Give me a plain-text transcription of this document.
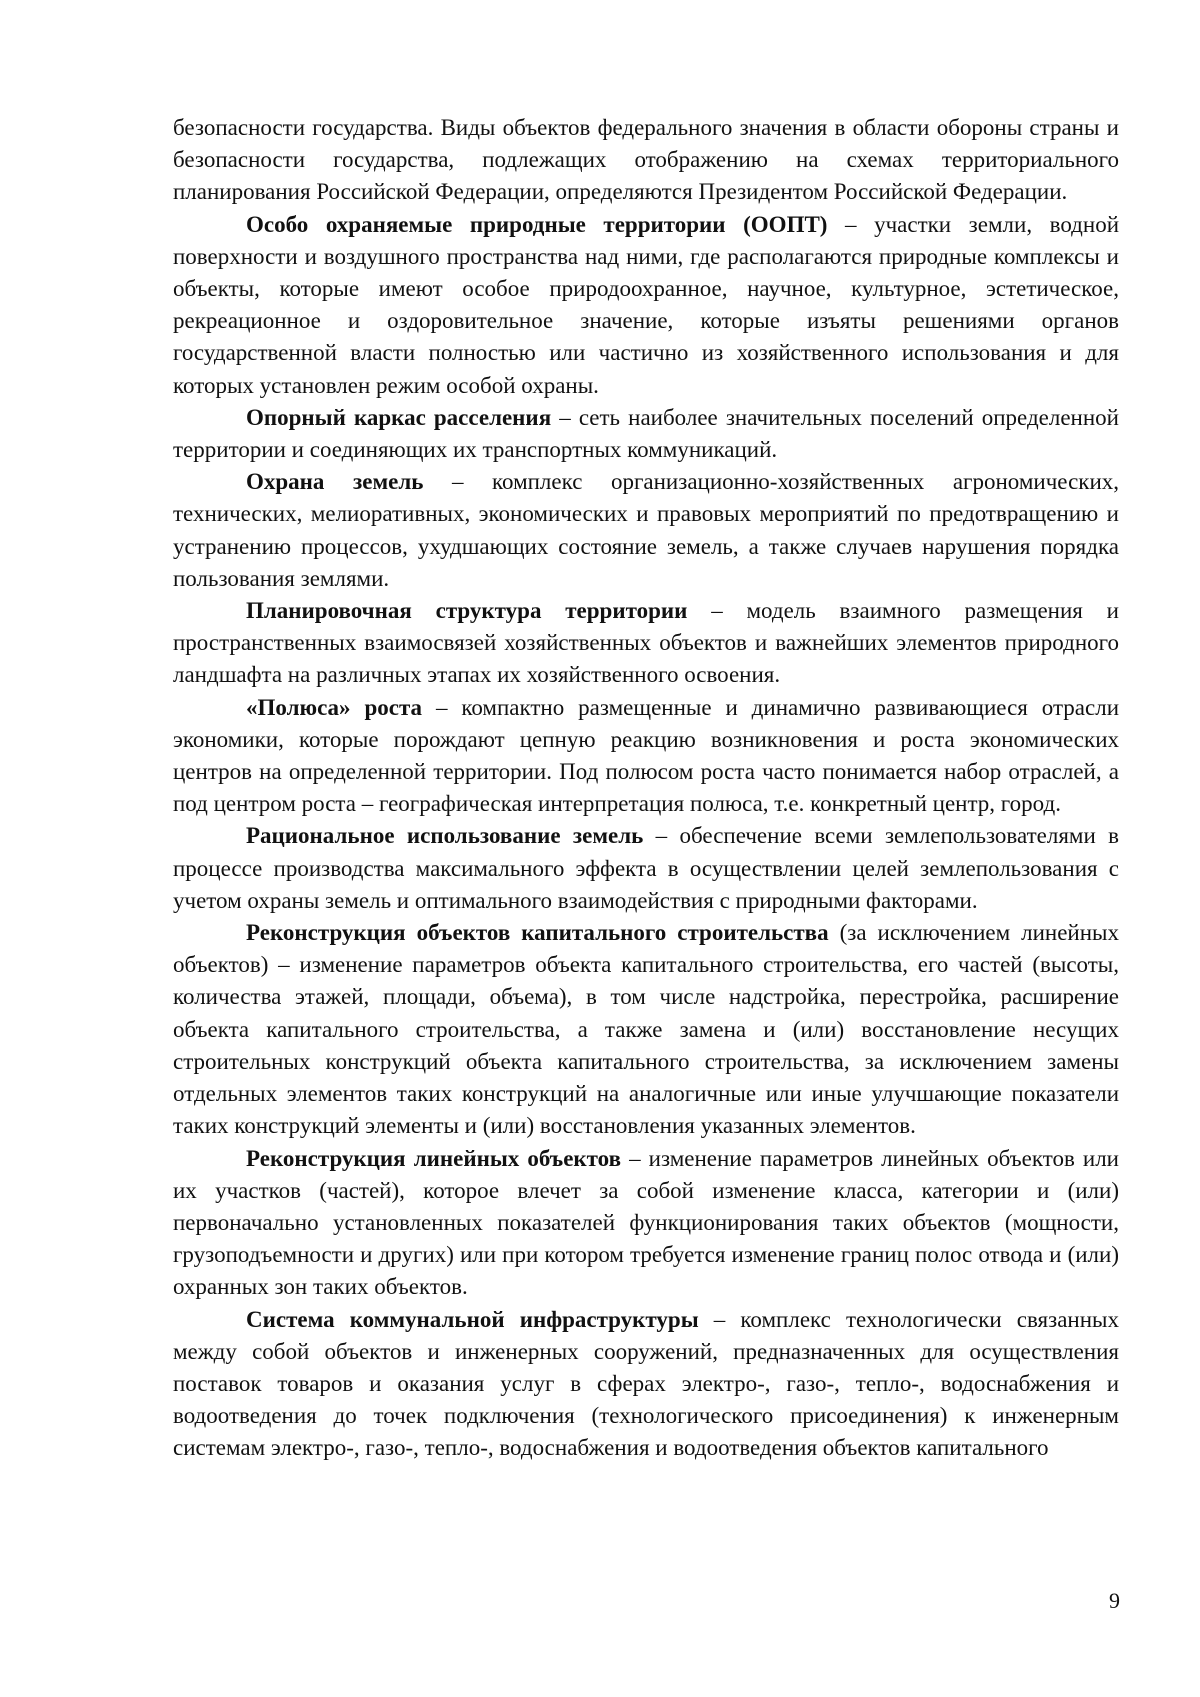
безопасности государства. Виды объектов федерального значения в области обороны страны и безопасности государства, подлежащих отображению на схемах территориального планирования Российской Федерации, определяются Президентом Российской Федерации.

Особо охраняемые природные территории (ООПТ) – участки земли, водной поверхности и воздушного пространства над ними, где располагаются природные комплексы и объекты, которые имеют особое природоохранное, научное, культурное, эстетическое, рекреационное и оздоровительное значение, которые изъяты решениями органов государственной власти полностью или частично из хозяйственного использования и для которых установлен режим особой охраны.

Опорный каркас расселения – сеть наиболее значительных поселений определенной территории и соединяющих их транспортных коммуникаций.

Охрана земель – комплекс организационно-хозяйственных агрономических, технических, мелиоративных, экономических и правовых мероприятий по предотвращению и устранению процессов, ухудшающих состояние земель, а также случаев нарушения порядка пользования землями.

Планировочная структура территории – модель взаимного размещения и пространственных взаимосвязей хозяйственных объектов и важнейших элементов природного ландшафта на различных этапах их хозяйственного освоения.

«Полюса» роста – компактно размещенные и динамично развивающиеся отрасли экономики, которые порождают цепную реакцию возникновения и роста экономических центров на определенной территории. Под полюсом роста часто понимается набор отраслей, а под центром роста – географическая интерпретация полюса, т.е. конкретный центр, город.

Рациональное использование земель – обеспечение всеми землепользователями в процессе производства максимального эффекта в осуществлении целей землепользования с учетом охраны земель и оптимального взаимодействия с природными факторами.

Реконструкция объектов капитального строительства (за исключением линейных объектов) – изменение параметров объекта капитального строительства, его частей (высоты, количества этажей, площади, объема), в том числе надстройка, перестройка, расширение объекта капитального строительства, а также замена и (или) восстановление несущих строительных конструкций объекта капитального строительства, за исключением замены отдельных элементов таких конструкций на аналогичные или иные улучшающие показатели таких конструкций элементы и (или) восстановления указанных элементов.

Реконструкция линейных объектов – изменение параметров линейных объектов или их участков (частей), которое влечет за собой изменение класса, категории и (или) первоначально установленных показателей функционирования таких объектов (мощности, грузоподъемности и других) или при котором требуется изменение границ полос отвода и (или) охранных зон таких объектов.

Система коммунальной инфраструктуры – комплекс технологически связанных между собой объектов и инженерных сооружений, предназначенных для осуществления поставок товаров и оказания услуг в сферах электро-, газо-, тепло-, водоснабжения и водоотведения до точек подключения (технологического присоединения) к инженерным системам электро-, газо-, тепло-, водоснабжения и водоотведения объектов капитального

9
